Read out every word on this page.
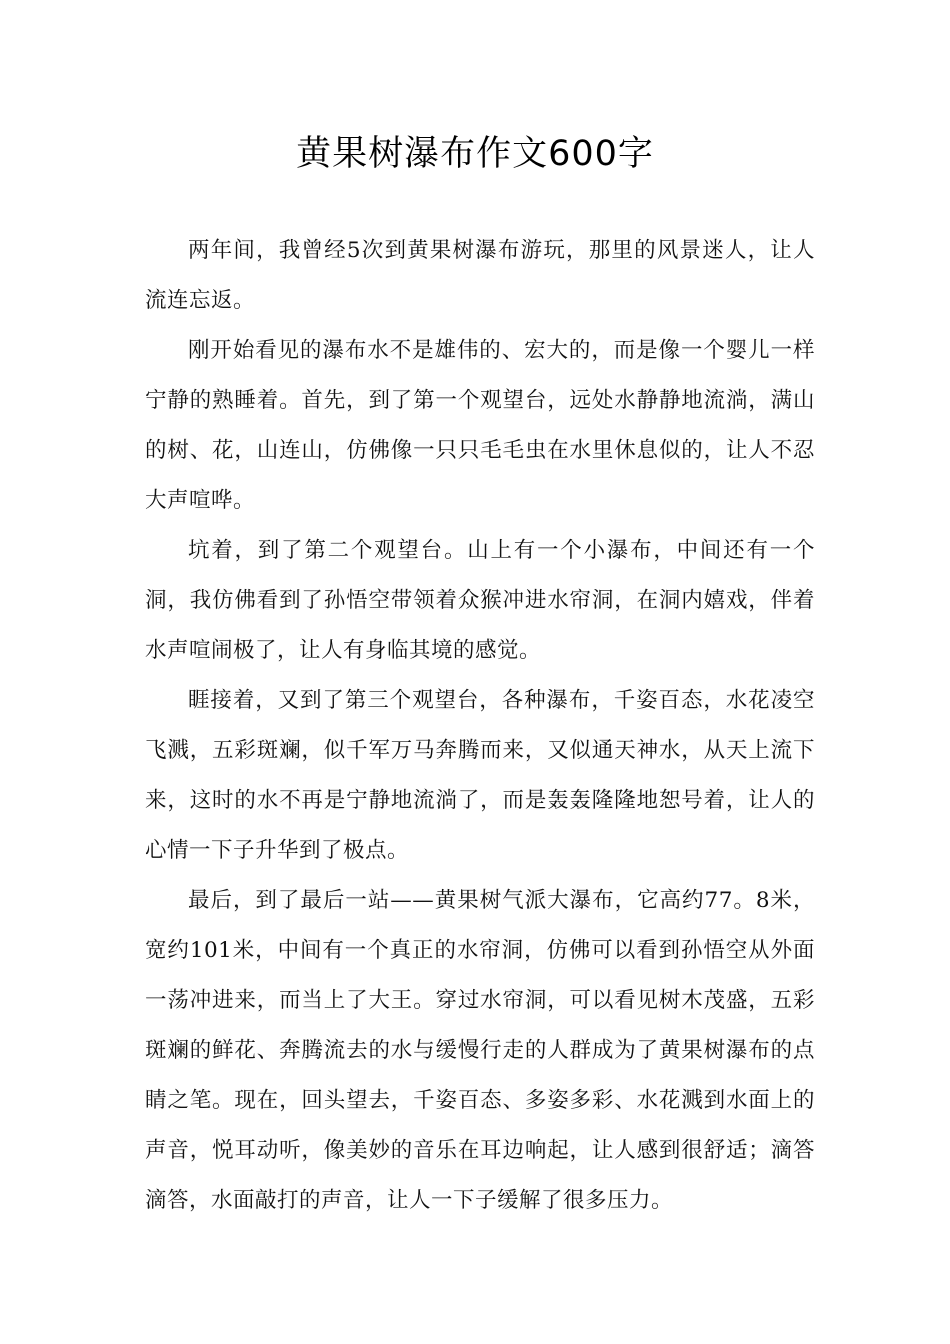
黄果树瀑布作文600字

两年间，我曾经5次到黄果树瀑布游玩，那里的风景迷人，让人流连忘返。

刚开始看见的瀑布水不是雄伟的、宏大的，而是像一个婴儿一样宁静的熟睡着。首先，到了第一个观望台，远处水静静地流淌，满山的树、花，山连山，仿佛像一只只毛毛虫在水里休息似的，让人不忍大声喧哗。

坑着，到了第二个观望台。山上有一个小瀑布，中间还有一个洞，我仿佛看到了孙悟空带领着众猴冲进水帘洞，在洞内嬉戏，伴着水声喧闹极了，让人有身临其境的感觉。

睚接着，又到了第三个观望台，各种瀑布，千姿百态，水花凌空飞溅，五彩斑斓，似千军万马奔腾而来，又似通天神水，从天上流下来，这时的水不再是宁静地流淌了，而是轰轰隆隆地恕号着，让人的心情一下子升华到了极点。

最后，到了最后一站——黄果树气派大瀑布，它高约77。8米，宽约101米，中间有一个真正的水帘洞，仿佛可以看到孙悟空从外面一荡冲进来，而当上了大王。穿过水帘洞，可以看见树木茂盛，五彩斑斓的鲜花、奔腾流去的水与缓慢行走的人群成为了黄果树瀑布的点睛之笔。现在，回头望去，千姿百态、多姿多彩、水花溅到水面上的声音，悦耳动听，像美妙的音乐在耳边响起，让人感到很舒适；滴答滴答，水面敲打的声音，让人一下子缓解了很多压力。
